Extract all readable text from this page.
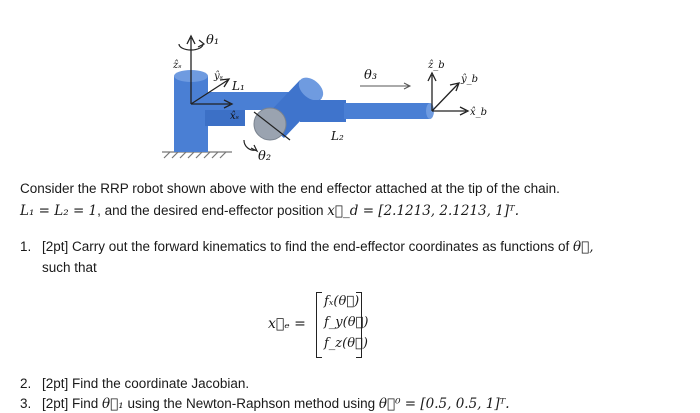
θ₁
ẑₛ
ŷₛ
L₁
x̂ₛ
θ₂
L₂
θ₃
ẑ_b
ŷ_b
x̂_b
Consider the RRP robot shown above with the end effector attached at the tip of the chain.
L₁ = L₂ = 1, and the desired end-effector position x⃗_d = [2.1213, 2.1213, 1]ᵀ.
1. [2pt] Carry out the forward kinematics to find the end-effector coordinates as functions of θ⃗,
such that
x⃗ₑ =
fₓ(θ⃗)
f_y(θ⃗)
f_z(θ⃗)
2. [2pt] Find the coordinate Jacobian.
3. [2pt] Find θ⃗₁ using the Newton-Raphson method using θ⃗⁰ = [0.5, 0.5, 1]ᵀ.
